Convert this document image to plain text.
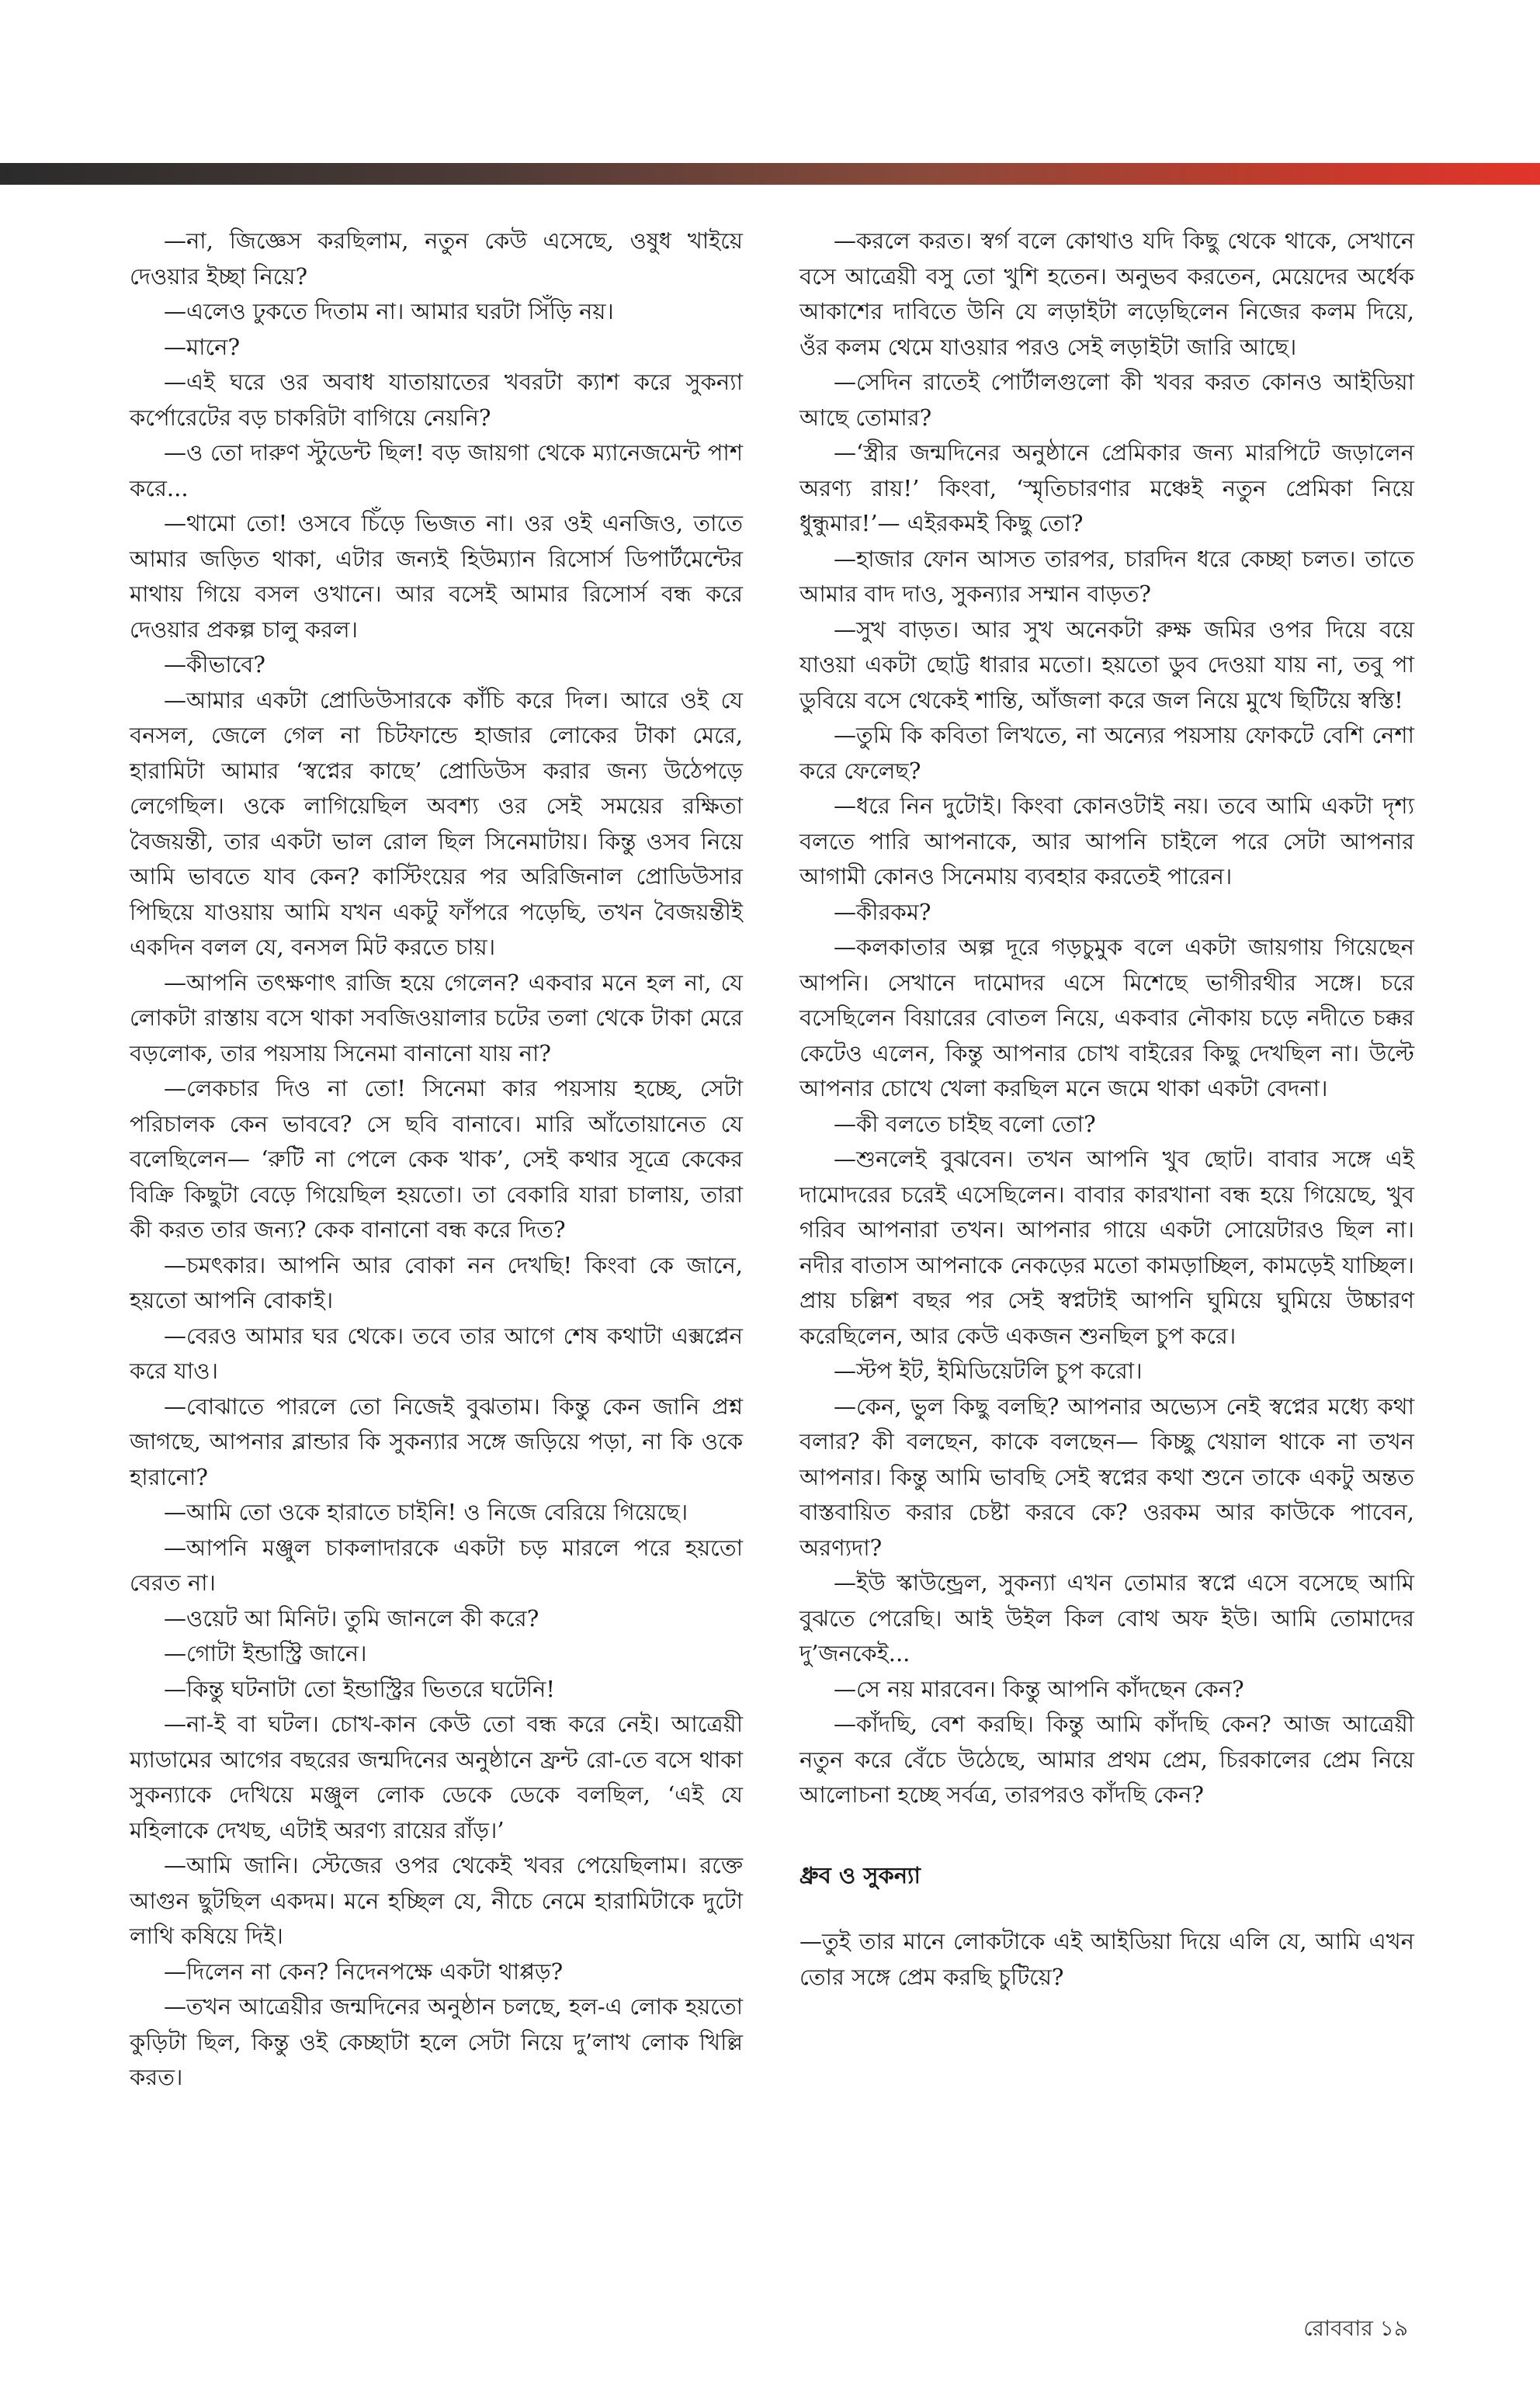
—না, জিজ্ঞেস করছিলাম, নতুন কেউ এসেছে, ওষুধ খাইয়ে দেওয়ার ইচ্ছা নিয়ে?

—এলেও ঢুকতে দিতাম না। আমার ঘরটা সিঁড়ি নয়।

—মানে?

—এই ঘরে ওর অবাধ যাতায়াতের খবরটা ক্যাশ করে সুকন্যা কর্পোরেটের বড় চাকরিটা বাগিয়ে নেয়নি?

—ও তো দারুণ স্টুডেন্ট ছিল! বড় জায়গা থেকে ম্যানেজমেন্ট পাশ করে...

—থামো তো! ওসবে চিঁড়ে ভিজত না। ওর ওই এনজিও, তাতে আমার জড়িত থাকা, এটার জন্যই হিউম্যান রিসোর্স ডিপার্টমেন্টের মাথায় গিয়ে বসল ওখানে। আর বসেই আমার রিসোর্স বন্ধ করে দেওয়ার প্রকল্প চালু করল।

—কীভাবে?

—আমার একটা প্রোডিউসারকে কাঁচি করে দিল। আরে ওই যে বনসল, জেলে গেল না চিটফান্ডে হাজার লোকের টাকা মেরে, হারামিটা আমার ‘স্বপ্নের কাছে’ প্রোডিউস করার জন্য উঠেপড়ে লেগেছিল। ওকে লাগিয়েছিল অবশ্য ওর সেই সময়ের রক্ষিতা বৈজয়ন্তী, তার একটা ভাল রোল ছিল সিনেমাটায়। কিন্তু ওসব নিয়ে আমি ভাবতে যাব কেন? কাস্টিংয়ের পর অরিজিনাল প্রোডিউসার পিছিয়ে যাওয়ায় আমি যখন একটু ফাঁপরে পড়েছি, তখন বৈজয়ন্তীই একদিন বলল যে, বনসল মিট করতে চায়।

—আপনি তৎক্ষণাৎ রাজি হয়ে গেলেন? একবার মনে হল না, যে লোকটা রাস্তায় বসে থাকা সবজিওয়ালার চটের তলা থেকে টাকা মেরে বড়লোক, তার পয়সায় সিনেমা বানানো যায় না?

—লেকচার দিও না তো! সিনেমা কার পয়সায় হচ্ছে, সেটা পরিচালক কেন ভাববে? সে ছবি বানাবে। মারি আঁতোয়ানেত যে বলেছিলেন— ‘রুটি না পেলে কেক খাক’, সেই কথার সূত্রে কেকের বিক্রি কিছুটা বেড়ে গিয়েছিল হয়তো। তা বেকারি যারা চালায়, তারা কী করত তার জন্য? কেক বানানো বন্ধ করে দিত?

—চমৎকার। আপনি আর বোকা নন দেখছি! কিংবা কে জানে, হয়তো আপনি বোকাই।

—বেরও আমার ঘর থেকে। তবে তার আগে শেষ কথাটা এক্সপ্লেন করে যাও।

—বোঝাতে পারলে তো নিজেই বুঝতাম। কিন্তু কেন জানি প্রশ্ন জাগছে, আপনার ব্লান্ডার কি সুকন্যার সঙ্গে জড়িয়ে পড়া, না কি ওকে হারানো?

—আমি তো ওকে হারাতে চাইনি! ও নিজে বেরিয়ে গিয়েছে।

—আপনি মঞ্জুল চাকলাদারকে একটা চড় মারলে পরে হয়তো বেরত না।

—ওয়েট আ মিনিট। তুমি জানলে কী করে?

—গোটা ইন্ডাস্ট্রি জানে।

—কিন্তু ঘটনাটা তো ইন্ডাস্ট্রির ভিতরে ঘটেনি!

—না-ই বা ঘটল। চোখ-কান কেউ তো বন্ধ করে নেই। আত্রেয়ী ম্যাডামের আগের বছরের জন্মদিনের অনুষ্ঠানে ফ্রন্ট রো-তে বসে থাকা সুকন্যাকে দেখিয়ে মঞ্জুল লোক ডেকে ডেকে বলছিল, ‘এই যে মহিলাকে দেখছ, এটাই অরণ্য রায়ের রাঁড়।’

—আমি জানি। স্টেজের ওপর থেকেই খবর পেয়েছিলাম। রক্তে আগুন ছুটছিল একদম। মনে হচ্ছিল যে, নীচে নেমে হারামিটাকে দুটো লাথি কষিয়ে দিই।

—দিলেন না কেন? নিদেনপক্ষে একটা থাপ্পড়?

—তখন আত্রেয়ীর জন্মদিনের অনুষ্ঠান চলছে, হল-এ লোক হয়তো কুড়িটা ছিল, কিন্তু ওই কেচ্ছাটা হলে সেটা নিয়ে দু’লাখ লোক খিল্লি করত।

—করলে করত। স্বর্গ বলে কোথাও যদি কিছু থেকে থাকে, সেখানে বসে আত্রেয়ী বসু তো খুশি হতেন। অনুভব করতেন, মেয়েদের অর্ধেক আকাশের দাবিতে উনি যে লড়াইটা লড়েছিলেন নিজের কলম দিয়ে, ওঁর কলম থেমে যাওয়ার পরও সেই লড়াইটা জারি আছে।

—সেদিন রাতেই পোর্টালগুলো কী খবর করত কোনও আইডিয়া আছে তোমার?

—‘স্ত্রীর জন্মদিনের অনুষ্ঠানে প্রেমিকার জন্য মারপিটে জড়ালেন অরণ্য রায়!’ কিংবা, ‘স্মৃতিচারণার মঞ্চেই নতুন প্রেমিকা নিয়ে ধুন্ধুমার!’— এইরকমই কিছু তো?

—হাজার ফোন আসত তারপর, চারদিন ধরে কেচ্ছা চলত। তাতে আমার বাদ দাও, সুকন্যার সম্মান বাড়ত?

—সুখ বাড়ত। আর সুখ অনেকটা রুক্ষ জমির ওপর দিয়ে বয়ে যাওয়া একটা ছোট্ট ধারার মতো। হয়তো ডুব দেওয়া যায় না, তবু পা ডুবিয়ে বসে থেকেই শান্তি, আঁজলা করে জল নিয়ে মুখে ছিটিয়ে স্বস্তি!

—তুমি কি কবিতা লিখতে, না অন্যের পয়সায় ফোকটে বেশি নেশা করে ফেলেছ?

—ধরে নিন দুটোই। কিংবা কোনওটাই নয়। তবে আমি একটা দৃশ্য বলতে পারি আপনাকে, আর আপনি চাইলে পরে সেটা আপনার আগামী কোনও সিনেমায় ব্যবহার করতেই পারেন।

—কীরকম?

—কলকাতার অল্প দূরে গড়চুমুক বলে একটা জায়গায় গিয়েছেন আপনি। সেখানে দামোদর এসে মিশেছে ভাগীরথীর সঙ্গে। চরে বসেছিলেন বিয়ারের বোতল নিয়ে, একবার নৌকায় চড়ে নদীতে চক্কর কেটেও এলেন, কিন্তু আপনার চোখ বাইরের কিছু দেখছিল না। উল্টে আপনার চোখে খেলা করছিল মনে জমে থাকা একটা বেদনা।

—কী বলতে চাইছ বলো তো?

—শুনলেই বুঝবেন। তখন আপনি খুব ছোট। বাবার সঙ্গে এই দামোদরের চরেই এসেছিলেন। বাবার কারখানা বন্ধ হয়ে গিয়েছে, খুব গরিব আপনারা তখন। আপনার গায়ে একটা সোয়েটারও ছিল না। নদীর বাতাস আপনাকে নেকড়ের মতো কামড়াচ্ছিল, কামড়েই যাচ্ছিল। প্রায় চল্লিশ বছর পর সেই স্বপ্নটাই আপনি ঘুমিয়ে ঘুমিয়ে উচ্চারণ করেছিলেন, আর কেউ একজন শুনছিল চুপ করে।

—স্টপ ইট, ইমিডিয়েটলি চুপ করো।

—কেন, ভুল কিছু বলছি? আপনার অভ্যেস নেই স্বপ্নের মধ্যে কথা বলার? কী বলছেন, কাকে বলছেন— কিচ্ছু খেয়াল থাকে না তখন আপনার। কিন্তু আমি ভাবছি সেই স্বপ্নের কথা শুনে তাকে একটু অন্তত বাস্তবায়িত করার চেষ্টা করবে কে? ওরকম আর কাউকে পাবেন, অরণ্যদা?

—ইউ স্কাউন্ড্রেল, সুকন্যা এখন তোমার স্বপ্নে এসে বসেছে আমি বুঝতে পেরেছি। আই উইল কিল বোথ অফ ইউ। আমি তোমাদের দু’জনকেই...

—সে নয় মারবেন। কিন্তু আপনি কাঁদছেন কেন?

—কাঁদছি, বেশ করছি। কিন্তু আমি কাঁদছি কেন? আজ আত্রেয়ী নতুন করে বেঁচে উঠেছে, আমার প্রথম প্রেম, চিরকালের প্রেম নিয়ে আলোচনা হচ্ছে সর্বত্র, তারপরও কাঁদছি কেন?

ধ্রুব ও সুকন্যা

—তুই তার মানে লোকটাকে এই আইডিয়া দিয়ে এলি যে, আমি এখন তোর সঙ্গে প্রেম করছি চুটিয়ে?

রোববার ১৯
